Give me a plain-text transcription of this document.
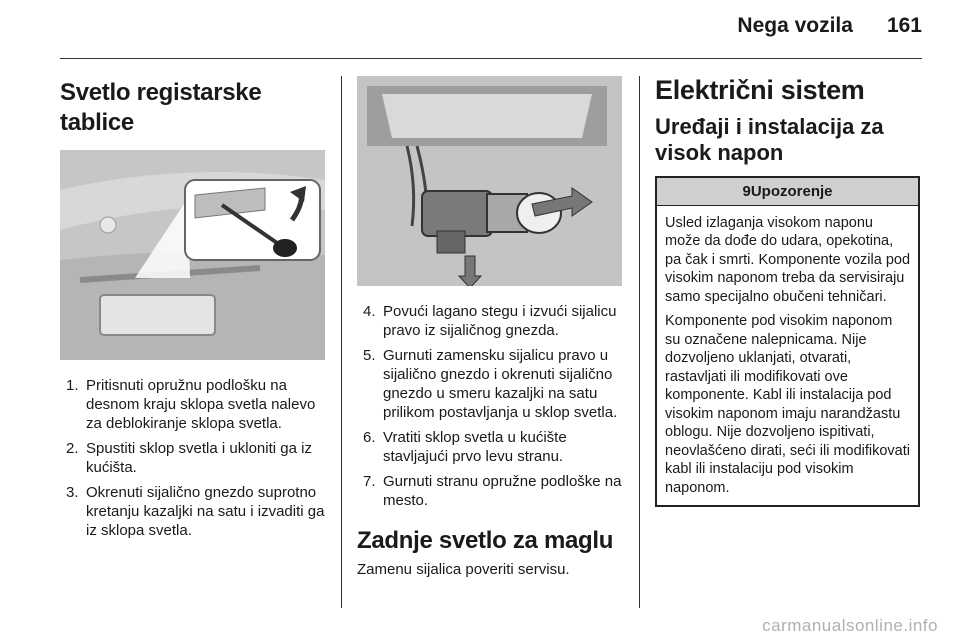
Nega vozila 161
Svetlo registarske tablice
1. Pritisnuti opružnu podlošku na desnom kraju sklopa svetla nalevo za deblokiranje sklopa svetla.
2. Spustiti sklop svetla i ukloniti ga iz kućišta.
3. Okrenuti sijalično gnezdo suprotno kretanju kazaljki na satu i izvaditi ga iz sklopa svetla.
4. Povući lagano stegu i izvući sijalicu pravo iz sijaličnog gnezda.
5. Gurnuti zamensku sijalicu pravo u sijalično gnezdo i okrenuti sijalično gnezdo u smeru kazaljki na satu prilikom postavljanja u sklop svetla.
6. Vratiti sklop svetla u kućište stavljajući prvo levu stranu.
7. Gurnuti stranu opružne podloške na mesto.
Zadnje svetlo za maglu

Zamenu sijalica poveriti servisu.

Električni sistem
Uređaji i instalacija za visok napon
9Upozorenje

Usled izlaganja visokom naponu može da dođe do udara, opekotina, pa čak i smrti. Komponente vozila pod visokim naponom treba da servisiraju samo specijalno obučeni tehničari.

Komponente pod visokim naponom su označene nalepnicama. Nije dozvoljeno uklanjati, otvarati, rastavljati ili modifikovati ove komponente. Kabl ili instalacija pod visokim naponom imaju narandžastu oblogu. Nije dozvoljeno ispitivati, neovlašćeno dirati, seći ili modifikovati kabl ili instalaciju pod visokim naponom.

carmanualsonline.info
